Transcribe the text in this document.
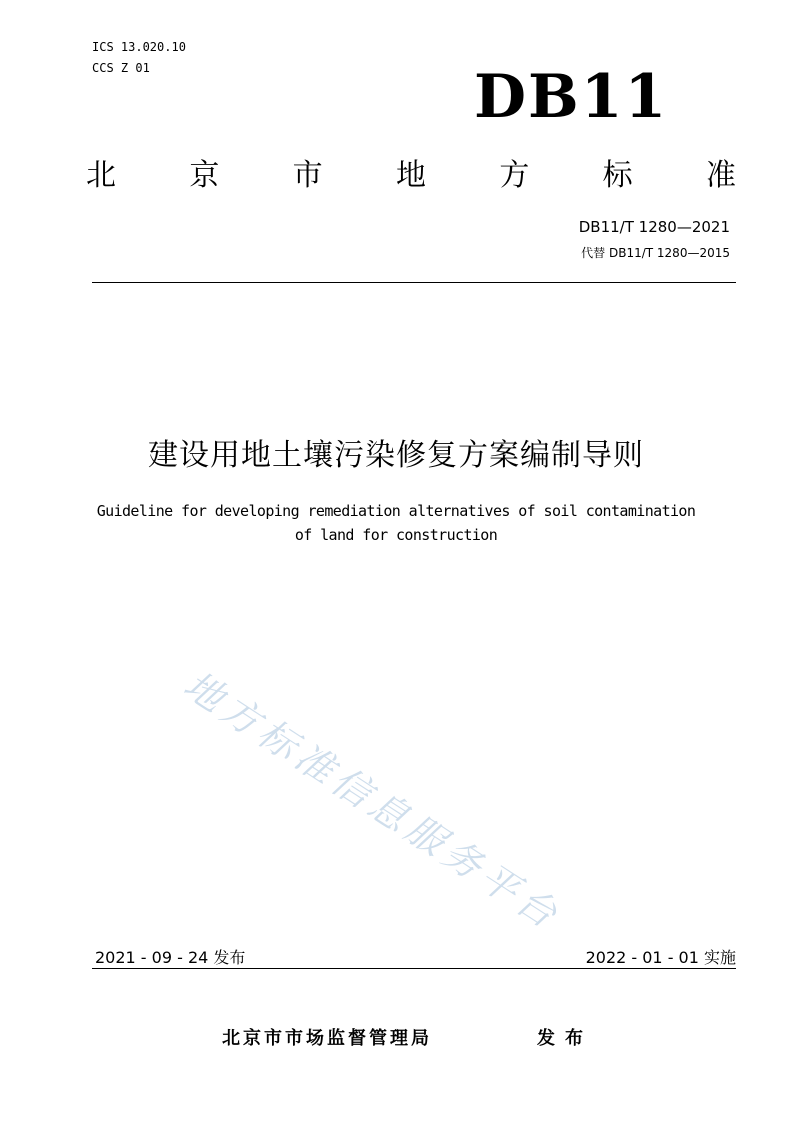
ICS 13.020.10
CCS Z 01	DB11
北 京 市 地 方 标 准
DB11/T 1280—2021
代替 DB11/T 1280—2015
建设用地土壤污染修复方案编制导则
Guideline for developing remediation alternatives of soil contamination
of land for construction
地方标准信息服务平台
2021 - 09 - 24 发布	2022 - 01 - 01 实施
北京市市场监督管理局	发布
